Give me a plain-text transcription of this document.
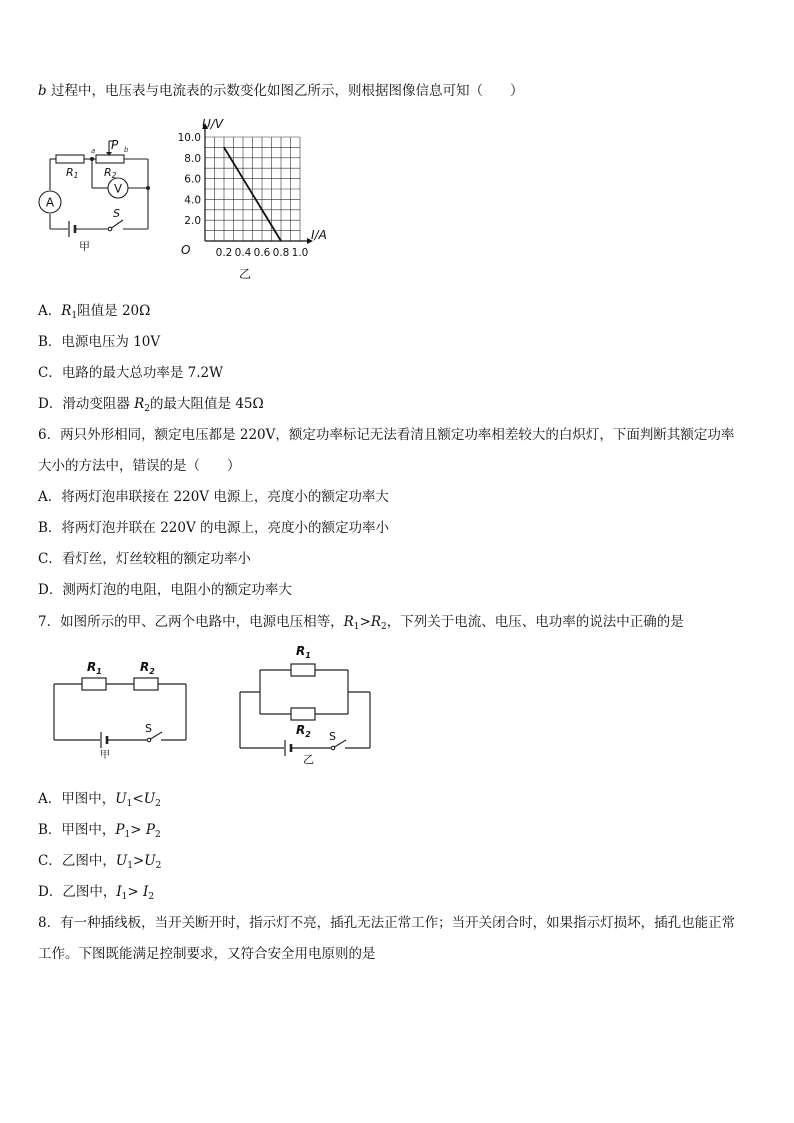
b 过程中，电压表与电流表的示数变化如图乙所示，则根据图像信息可知（　　）
A
V
R1 R2
P
a	b
S
甲
10.0
8.0
6.0
4.0
2.0
0.2 0.4 0.6 0.8 1.0
U/V
I/A
O
乙
A．$R_1$阻值是 20Ω
B．电源电压为 10V
C．电路的最大总功率是 7.2W
D．滑动变阻器 $R_2$的最大阻值是 45Ω
6．两只外形相同，额定电压都是 220V，额定功率标记无法看清且额定功率相差较大的白炽灯，下面判断其额定功率
大小的方法中，错误的是（　　）
A．将两灯泡串联接在 220V 电源上，亮度小的额定功率大
B．将两灯泡并联在 220V 的电源上，亮度小的额定功率小
C．看灯丝，灯丝较粗的额定功率小
D．测两灯泡的电阻，电阻小的额定功率大
7．如图所示的甲、乙两个电路中，电源电压相等，$R_1>R_2$，下列关于电流、电压、电功率的说法中正确的是
$R_1$	$R_2$
S
甲
$R_1$
$R_2$ S
乙
A．甲图中，$U_1<U_2$
B．甲图中，$P_1> P_2$
C．乙图中，$U_1>U_2$
D．乙图中，$I_1> I_2$
8．有一种插线板，当开关断开时，指示灯不亮，插孔无法正常工作；当开关闭合时，如果指示灯损坏，插孔也能正常
工作。下图既能满足控制要求，又符合安全用电原则的是
